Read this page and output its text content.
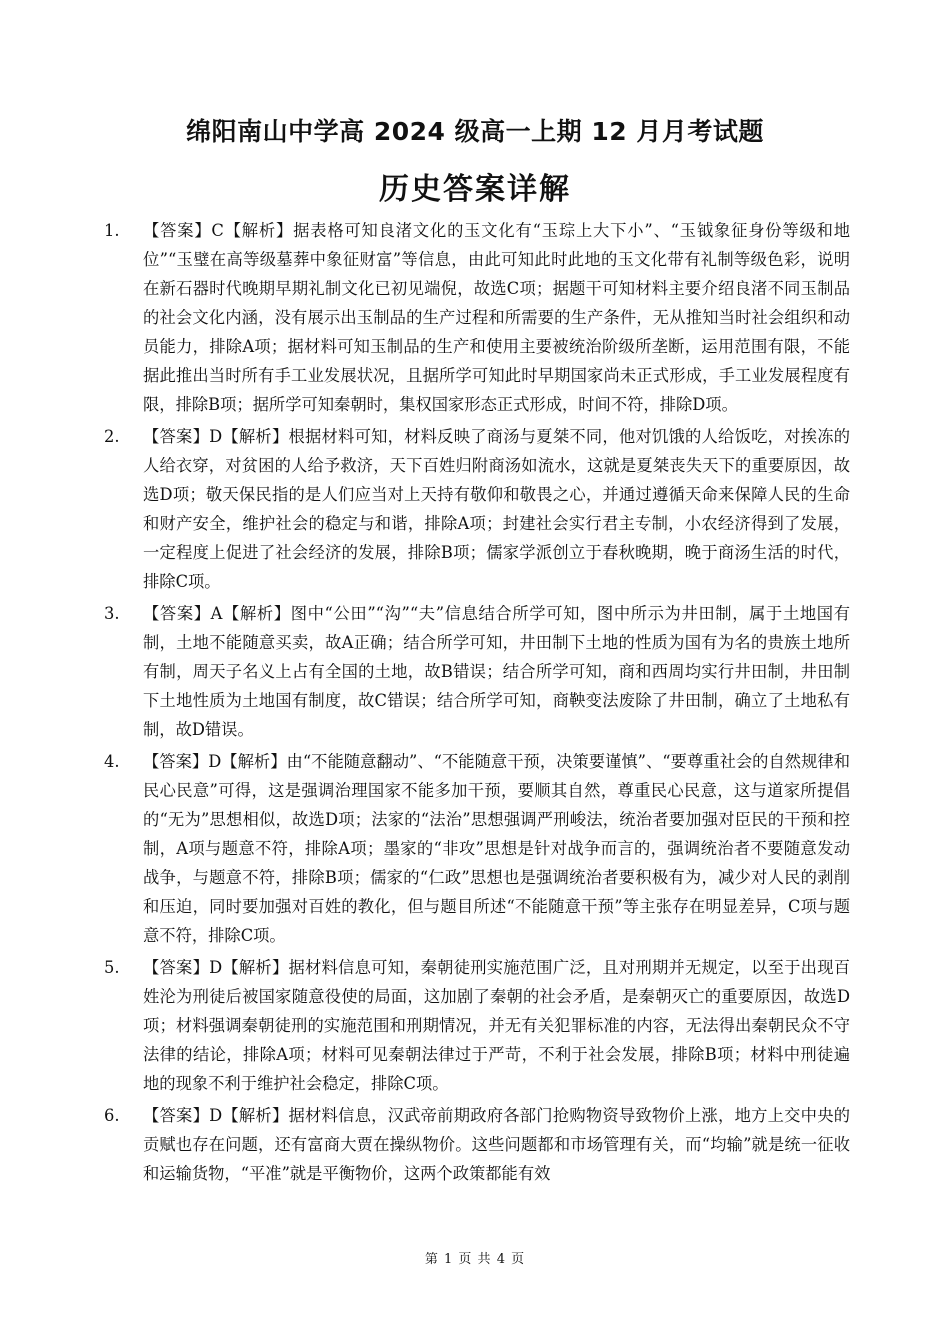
绵阳南山中学高 2024 级高一上期 12 月月考试题
历史答案详解
1.	【答案】C【解析】据表格可知良渚文化的玉文化有“玉琮上大下小”、“玉钺象征身份等级和地位”“玉璧在高等级墓葬中象征财富”等信息，由此可知此时此地的玉文化带有礼制等级色彩，说明在新石器时代晚期早期礼制文化已初见端倪，故选C项；据题干可知材料主要介绍良渚不同玉制品的社会文化内涵，没有展示出玉制品的生产过程和所需要的生产条件，无从推知当时社会组织和动员能力，排除A项；据材料可知玉制品的生产和使用主要被统治阶级所垄断，运用范围有限，不能据此推出当时所有手工业发展状况，且据所学可知此时早期国家尚未正式形成，手工业发展程度有限，排除B项；据所学可知秦朝时，集权国家形态正式形成，时间不符，排除D项。
2.	【答案】D【解析】根据材料可知，材料反映了商汤与夏桀不同，他对饥饿的人给饭吃，对挨冻的人给衣穿，对贫困的人给予救济，天下百姓归附商汤如流水，这就是夏桀丧失天下的重要原因，故选D项；敬天保民指的是人们应当对上天持有敬仰和敬畏之心，并通过遵循天命来保障人民的生命和财产安全，维护社会的稳定与和谐，排除A项；封建社会实行君主专制，小农经济得到了发展，一定程度上促进了社会经济的发展，排除B项；儒家学派创立于春秋晚期，晚于商汤生活的时代，排除C项。
3.	【答案】A【解析】图中“公田”“沟”“夫”信息结合所学可知，图中所示为井田制，属于土地国有制，土地不能随意买卖，故A正确；结合所学可知，井田制下土地的性质为国有为名的贵族土地所有制，周天子名义上占有全国的土地，故B错误；结合所学可知，商和西周均实行井田制，井田制下土地性质为土地国有制度，故C错误；结合所学可知，商鞅变法废除了井田制，确立了土地私有制，故D错误。
4.	【答案】D【解析】由“不能随意翻动”、“不能随意干预，决策要谨慎”、“要尊重社会的自然规律和民心民意”可得，这是强调治理国家不能多加干预，要顺其自然，尊重民心民意，这与道家所提倡的“无为”思想相似，故选D项；法家的“法治”思想强调严刑峻法，统治者要加强对臣民的干预和控制，A项与题意不符，排除A项；墨家的“非攻”思想是针对战争而言的，强调统治者不要随意发动战争，与题意不符，排除B项；儒家的“仁政”思想也是强调统治者要积极有为，减少对人民的剥削和压迫，同时要加强对百姓的教化，但与题目所述“不能随意干预”等主张存在明显差异，C项与题意不符，排除C项。
5.	【答案】D【解析】据材料信息可知，秦朝徒刑实施范围广泛，且对刑期并无规定，以至于出现百姓沦为刑徒后被国家随意役使的局面，这加剧了秦朝的社会矛盾，是秦朝灭亡的重要原因，故选D项；材料强调秦朝徒刑的实施范围和刑期情况，并无有关犯罪标准的内容，无法得出秦朝民众不守法律的结论，排除A项；材料可见秦朝法律过于严苛，不利于社会发展，排除B项；材料中刑徒遍地的现象不利于维护社会稳定，排除C项。
6.	【答案】D【解析】据材料信息，汉武帝前期政府各部门抢购物资导致物价上涨，地方上交中央的贡赋也存在问题，还有富商大贾在操纵物价。这些问题都和市场管理有关，而“均输”就是统一征收和运输货物，“平准”就是平衡物价，这两个政策都能有效
第 1 页 共 4 页
